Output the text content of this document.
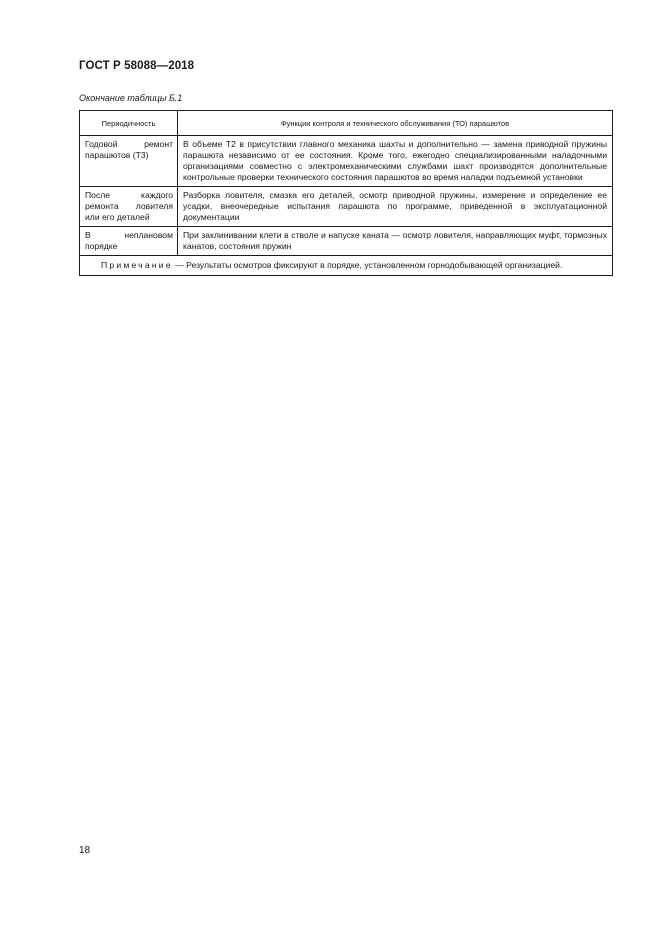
ГОСТ Р 58088—2018
Окончание таблицы Б.1
Периодичность	Функции контроля и технического обслуживания (ТО) парашютов
Годовой ремонт парашютов (Т3)	В объеме Т2 в присутствии главного механика шахты и дополнительно — замена приводной пружины парашюта независимо от ее состояния. Кроме того, ежегодно специализированными наладочными организациями совместно с электромеханическими службами шахт производятся дополнительные контрольные проверки технического состояния парашютов во время наладки подъемной установки
После каждого ремонта ловителя или его деталей	Разборка ловителя, смазка его деталей, осмотр приводной пружины, измерение и определение ее усадки, внеочередные испытания парашюта по программе, приведенной в эксплуатационной документации
В неплановом порядке	При заклинивании клети в стволе и напуске каната — осмотр ловителя, направляющих муфт, тормозных канатов, состояния пружин
Примечание — Результаты осмотров фиксируют в порядке, установленном горнодобывающей организацией.	
18
